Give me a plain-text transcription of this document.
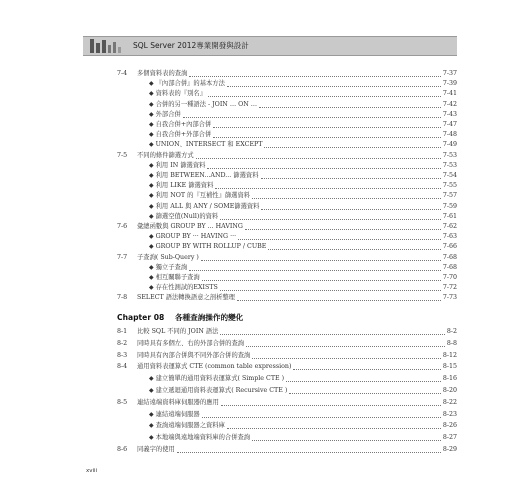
SQL Server 2012專業開發與設計
7-4 多個資料表的查詢	7-37
◆ 『內部合併』的基本方法	7-39
◆ 資料表的『別名』	7-41
◆ 合併的另一種語法 - JOIN … ON …	7-42
◆ 外部合併	7-43
◆ 自我合併+內部合併	7-47
◆ 自我合併+外部合併	7-48
◆ UNION、INTERSECT 和 EXCEPT	7-49
7-5 不同的條件篩選方式	7-53
◆ 利用 IN 篩選資料	7-53
◆ 利用 BETWEEN...AND... 篩選資料	7-54
◆ 利用 LIKE 篩選資料	7-55
◆ 利用 NOT 的『互補性』篩選資料	7-57
◆ 利用 ALL 與 ANY / SOME篩選資料	7-59
◆ 篩選空值(Null)的資料	7-61
7-6 彙總函數與 GROUP BY ... HAVING	7-62
◆ GROUP BY ··· HAVING ···	7-63
◆ GROUP BY WITH ROLLUP / CUBE	7-66
7-7 子查詢( Sub-Query )	7-68
◆ 獨立子查詢	7-68
◆ 相互關聯子查詢	7-70
◆ 存在性測試的EXISTS	7-72
7-8 SELECT 語法轉換語意之剖析整理	7-73
Chapter 08 各種查詢操作的變化
8-1 比較 SQL 不同的 JOIN 語法	8-2
8-2 同時具有多個左、右的外部合併的查詢	8-8
8-3 同時具有內部合併與不同外部合併的查詢	8-12
8-4 通用資料表運算式 CTE (common table expression)	8-15
◆ 建立簡單的通用資料表運算式( Simple CTE )	8-16
◆ 建立遞迴通用資料表運算式( Recursive CTE )	8-20
8-5 連結遠端資料庫伺服器的應用	8-22
◆ 連結遠端伺服器	8-23
◆ 查詢遠端伺服器之資料庫	8-26
◆ 本地端與遠地端資料庫的合併查詢	8-27
8-6 同義字的使用	8-29
xviii
